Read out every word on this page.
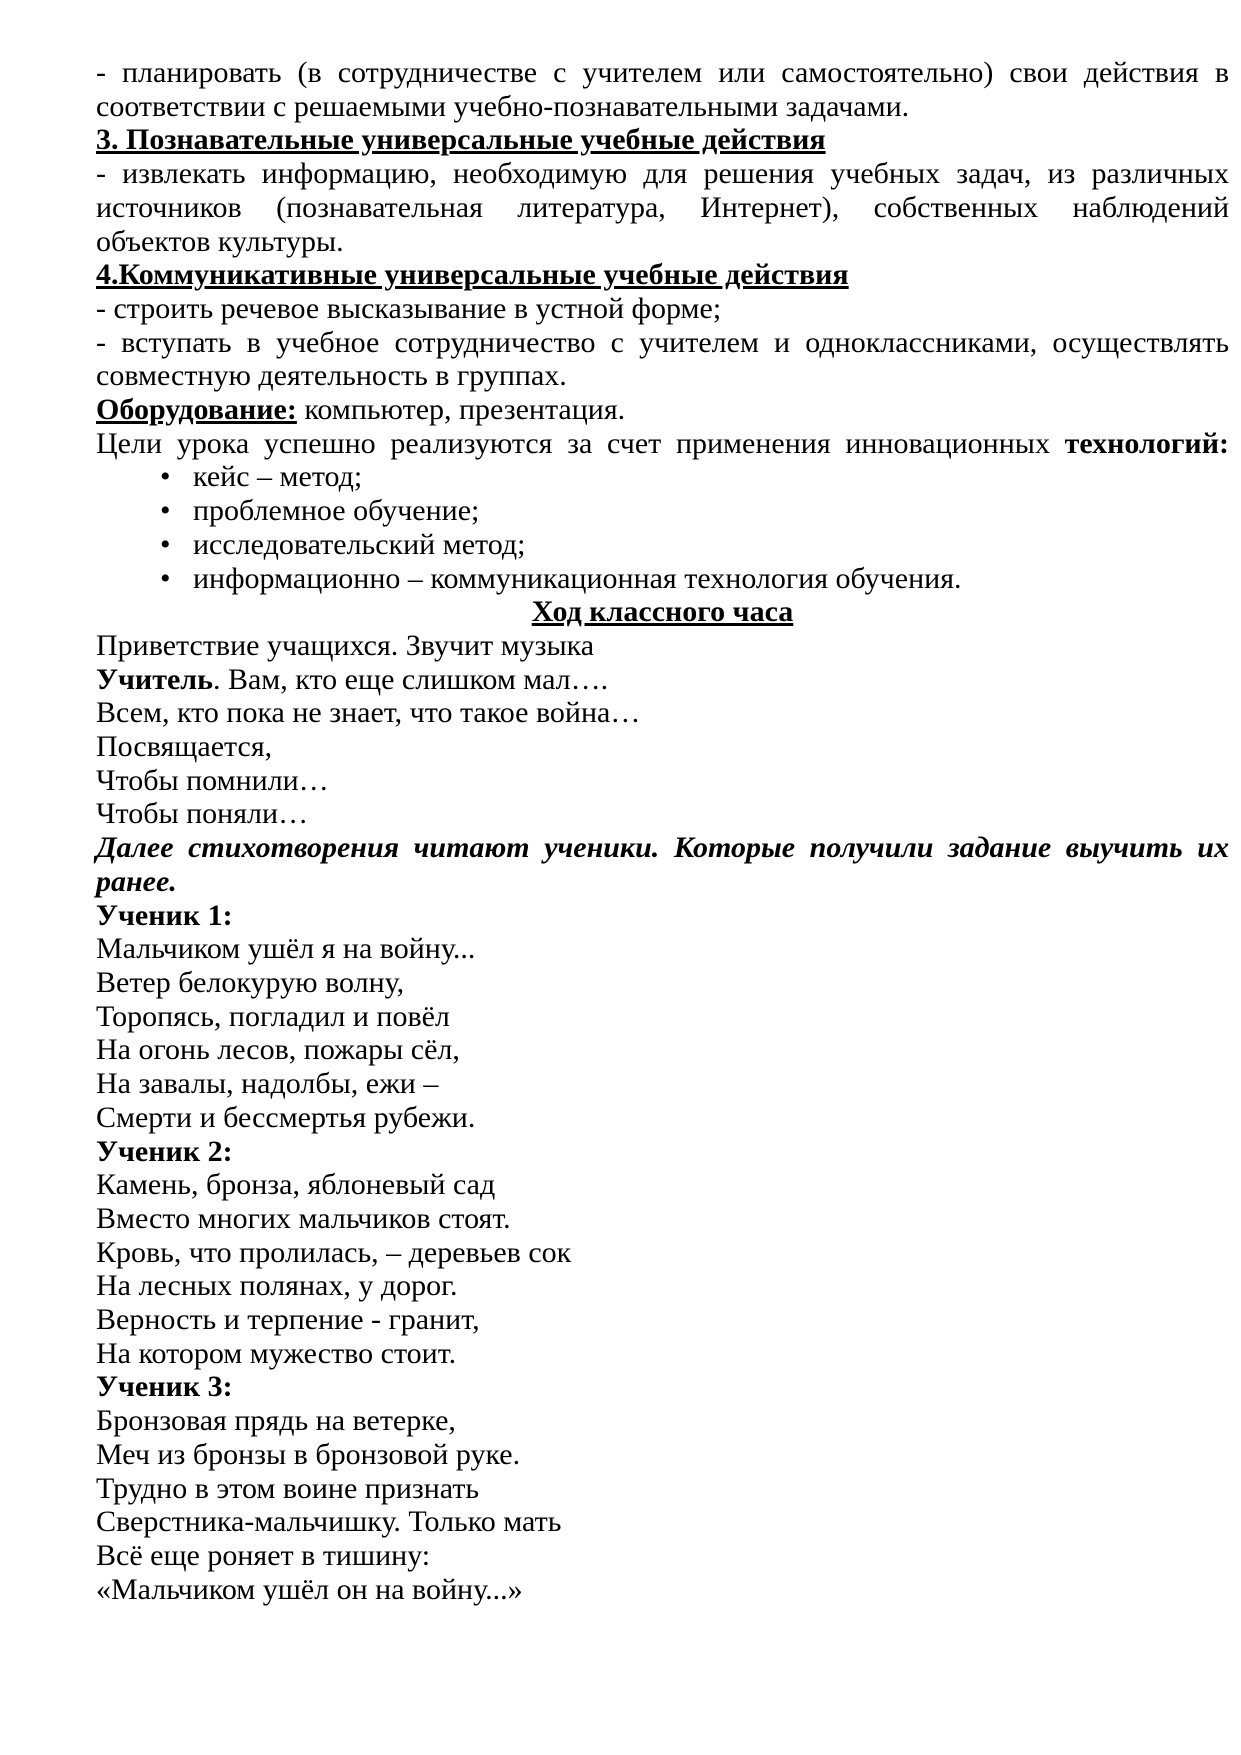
- планировать (в сотрудничестве с учителем или самостоятельно) свои действия в
соответствии с решаемыми учебно-познавательными задачами.
3. Познавательные универсальные учебные действия
- извлекать информацию, необходимую для решения учебных задач, из различных
источников (познавательная литература, Интернет), собственных наблюдений
объектов культуры.
4.Коммуникативные универсальные учебные действия
- строить речевое высказывание в устной форме;
- вступать в учебное сотрудничество с учителем и одноклассниками, осуществлять
совместную деятельность в группах.
Оборудование: компьютер, презентация.
Цели урока успешно реализуются за счет применения инновационных технологий:
• кейс – метод;
• проблемное обучение;
• исследовательский метод;
• информационно – коммуникационная технология обучения.
Ход классного часа
Приветствие учащихся. Звучит музыка
Учитель. Вам, кто еще слишком мал….
Всем, кто пока не знает, что такое война…
Посвящается,
Чтобы помнили…
Чтобы поняли…
Далее стихотворения читают ученики. Которые получили задание выучить их
ранее.
Ученик 1:
Мальчиком ушёл я на войну...
Ветер белокурую волну,
Торопясь, погладил и повёл
На огонь лесов, пожары сёл,
На завалы, надолбы, ежи –
Смерти и бессмертья рубежи.
Ученик 2:
Камень, бронза, яблоневый сад
Вместо многих мальчиков стоят.
Кровь, что пролилась, – деревьев сок
На лесных полянах, у дорог.
Верность и терпение - гранит,
На котором мужество стоит.
Ученик 3:
Бронзовая прядь на ветерке,
Меч из бронзы в бронзовой руке.
Трудно в этом воине признать
Сверстника-мальчишку. Только мать
Всё еще роняет в тишину:
«Мальчиком ушёл он на войну...»
